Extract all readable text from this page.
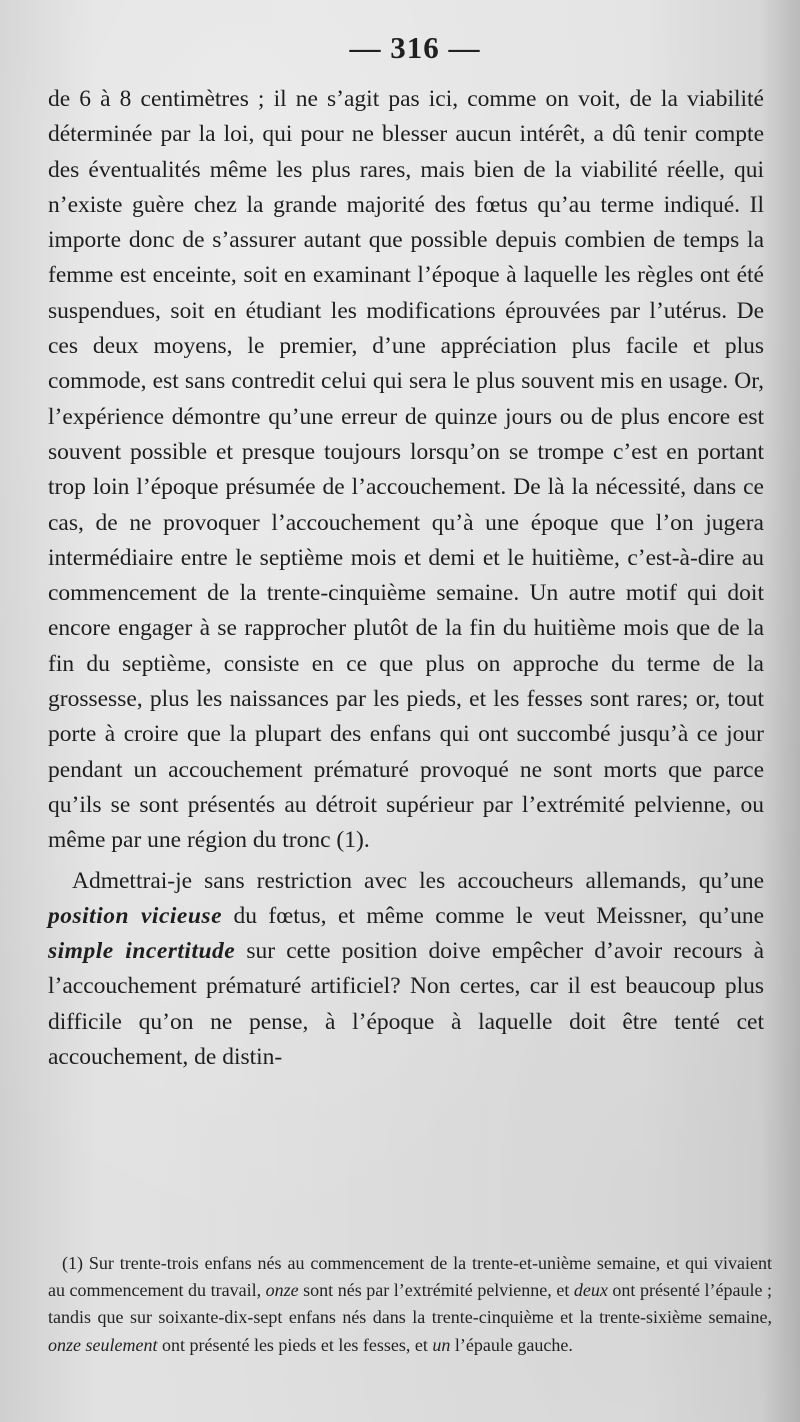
— 316 —

de 6 à 8 centimètres ; il ne s’agit pas ici, comme on voit, de la viabilité déterminée par la loi, qui pour ne blesser aucun intérêt, a dû tenir compte des éventualités même les plus rares, mais bien de la viabilité réelle, qui n’existe guère chez la grande majorité des fœtus qu’au terme indiqué. Il importe donc de s’assurer autant que possible depuis combien de temps la femme est enceinte, soit en examinant l’époque à laquelle les règles ont été suspendues, soit en étudiant les modifications éprouvées par l’utérus. De ces deux moyens, le premier, d’une appréciation plus facile et plus commode, est sans contredit celui qui sera le plus souvent mis en usage. Or, l’expérience démontre qu’une erreur de quinze jours ou de plus encore est souvent possible et presque toujours lorsqu’on se trompe c’est en portant trop loin l’époque présumée de l’accouchement. De là la nécessité, dans ce cas, de ne provoquer l’accouchement qu’à une époque que l’on jugera intermédiaire entre le septième mois et demi et le huitième, c’est-à-dire au commencement de la trente-cinquième semaine. Un autre motif qui doit encore engager à se rapprocher plutôt de la fin du huitième mois que de la fin du septième, consiste en ce que plus on approche du terme de la grossesse, plus les naissances par les pieds, et les fesses sont rares; or, tout porte à croire que la plupart des enfans qui ont succombé jusqu’à ce jour pendant un accouchement prématuré provoqué ne sont morts que parce qu’ils se sont présentés au détroit supérieur par l’extrémité pelvienne, ou même par une région du tronc (1).

Admettrai-je sans restriction avec les accoucheurs allemands, qu’une position vicieuse du fœtus, et même comme le veut Meissner, qu’une simple incertitude sur cette position doive empêcher d’avoir recours à l’accouchement prématuré artificiel? Non certes, car il est beaucoup plus difficile qu’on ne pense, à l’époque à laquelle doit être tenté cet accouchement, de distin-

(1) Sur trente-trois enfans nés au commencement de la trente-et-unième semaine, et qui vivaient au commencement du travail, onze sont nés par l’extrémité pelvienne, et deux ont présenté l’épaule ; tandis que sur soixante-dix-sept enfans nés dans la trente-cinquième et la trente-sixième semaine, onze seulement ont présenté les pieds et les fesses, et un l’épaule gauche.
